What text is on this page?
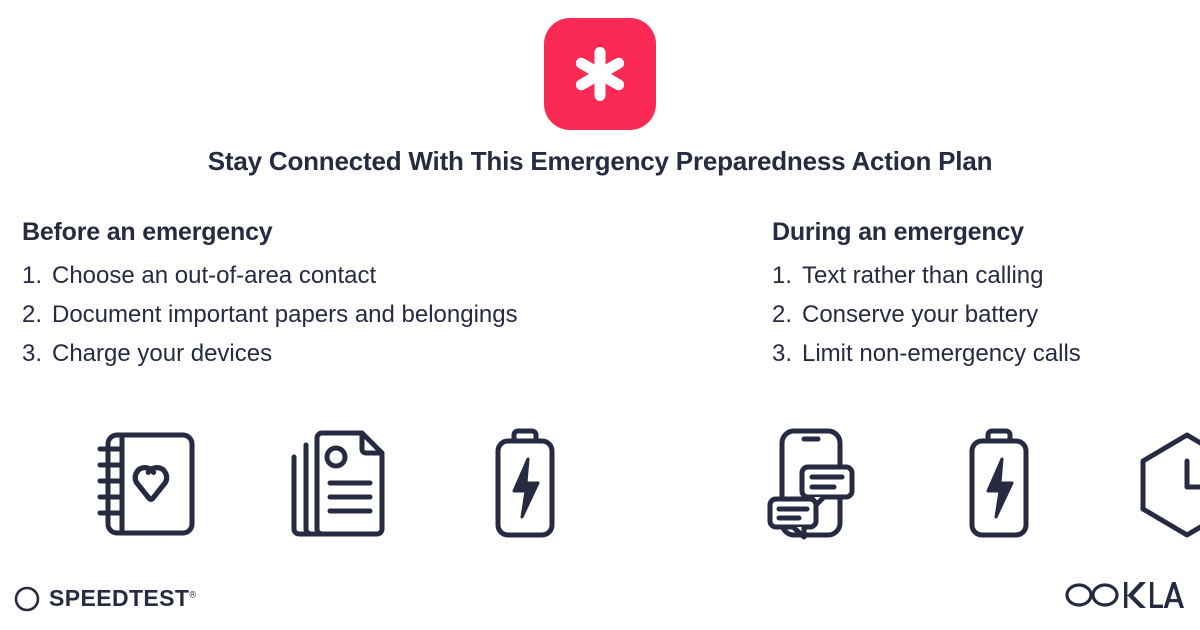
Stay Connected With This Emergency Preparedness Action Plan
Before an emergency
1. Choose an out-of-area contact
2. Document important papers and belongings
3. Charge your devices
During an emergency
1. Text rather than calling
2. Conserve your battery
3. Limit non-emergency calls
SPEEDTEST®
